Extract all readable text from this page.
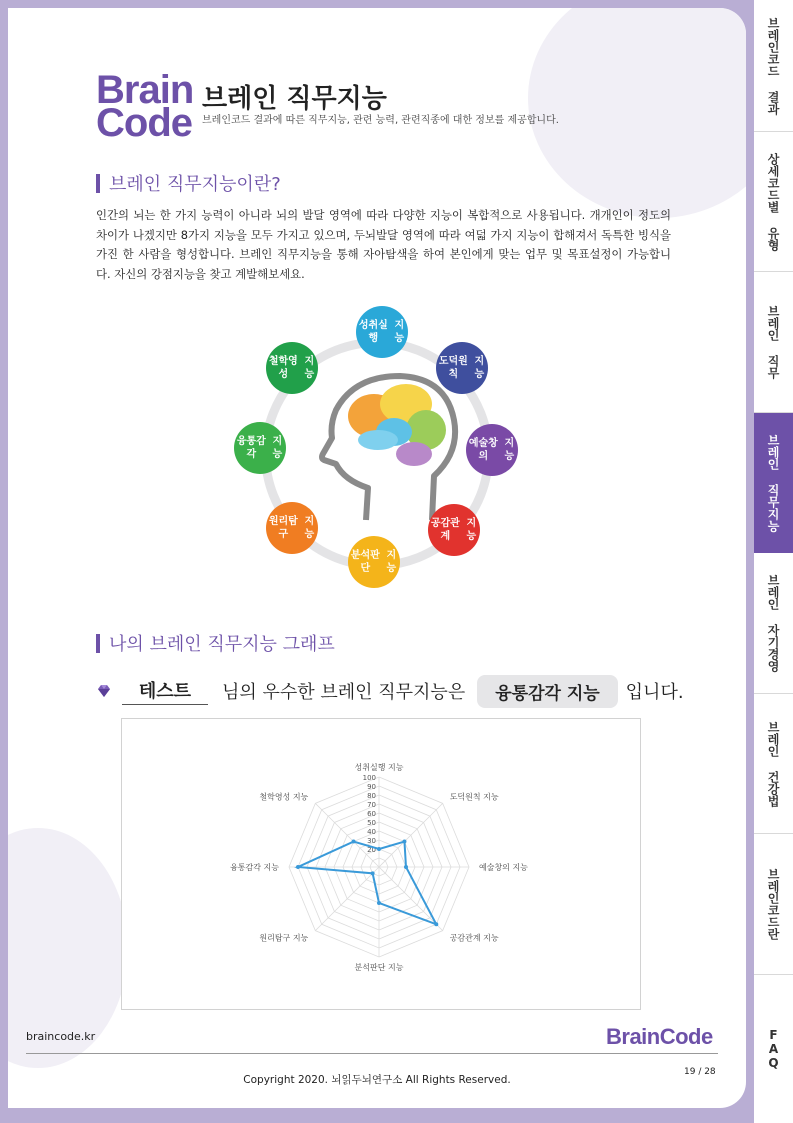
Brain
Code
브레인 직무지능
브레인코드 결과에 따른 직무지능, 관련 능력, 관련직종에 대한 정보를 제공합니다.
브레인 직무지능이란?

인간의 뇌는 한 가지 능력이 아니라 뇌의 발달 영역에 따라 다양한 지능이 복합적으로 사용됩니다. 개개인이 정도의 차이가 나겠지만 8가지 지능을 모두 가지고 있으며, 두뇌발달 영역에 따라 여덟 가지 지능이 합해져서 독특한 빙식을 가진 한 사람을 형성합니다. 브레인 직무지능을 통해 자아탐색을 하여 본인에게 맞는 업무 및 목표설정이 가능합니다. 자신의 강점지능을 찾고 계발해보세요.

성취실행

지능
도덕원칙

지능
예술창의

지능
공감관계

지능
분석판단

지능
원리탐구

지능
융통감각

지능
철학영성

지능
나의 브레인 직무지능 그래프
테스트	님의 우수한 브레인 직무지능은	융통감각 지능	입니다.
20
30
40
50
60
70
80
90
100
성취실행 지능
도덕원칙 지능
예술창의 지능
공감관계 지능
분석판단 지능
원리탐구 지능
융통감각 지능
철학영성 지능
braincode.kr	BrainCode
19 / 28
Copyright 2020. 뇌읽두뇌연구소 All Rights Reserved.
브레인코드 결과
상세코드별 유형
브레인 직무
브레인 직무지능
브레인 자기경영
브레인 건강법
브레인코드란
FAQ
